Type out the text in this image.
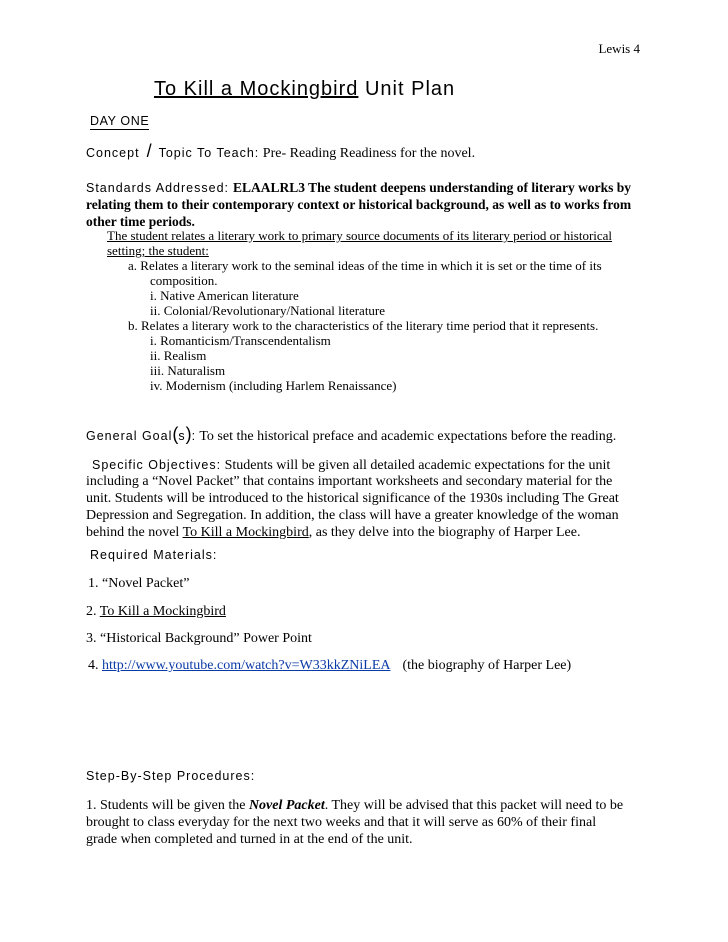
Lewis 4
To Kill a Mockingbird Unit Plan
DAY ONE
Concept / Topic To Teach: Pre- Reading Readiness for the novel.
Standards Addressed: ELAALRL3 The student deepens understanding of literary works by
relating them to their contemporary context or historical background, as well as to works from
other time periods.
The student relates a literary work to primary source documents of its literary period or historical
setting; the student:
a. Relates a literary work to the seminal ideas of the time in which it is set or the time of its
composition.
i. Native American literature
ii. Colonial/Revolutionary/National literature
b. Relates a literary work to the characteristics of the literary time period that it represents.
i. Romanticism/Transcendentalism
ii. Realism
iii. Naturalism
iv. Modernism (including Harlem Renaissance)
General Goal(s): To set the historical preface and academic expectations before the reading.
Specific Objectives: Students will be given all detailed academic expectations for the unit
including a “Novel Packet” that contains important worksheets and secondary material for the
unit. Students will be introduced to the historical significance of the 1930s including The Great
Depression and Segregation. In addition, the class will have a greater knowledge of the woman
behind the novel To Kill a Mockingbird, as they delve into the biography of Harper Lee.
Required Materials:
1. “Novel Packet”
2. To Kill a Mockingbird
3. “Historical Background” Power Point
4. http://www.youtube.com/watch?v=W33kkZNiLEA (the biography of Harper Lee)
Step-By-Step Procedures:
1. Students will be given the Novel Packet. They will be advised that this packet will need to be
brought to class everyday for the next two weeks and that it will serve as 60% of their final
grade when completed and turned in at the end of the unit.
